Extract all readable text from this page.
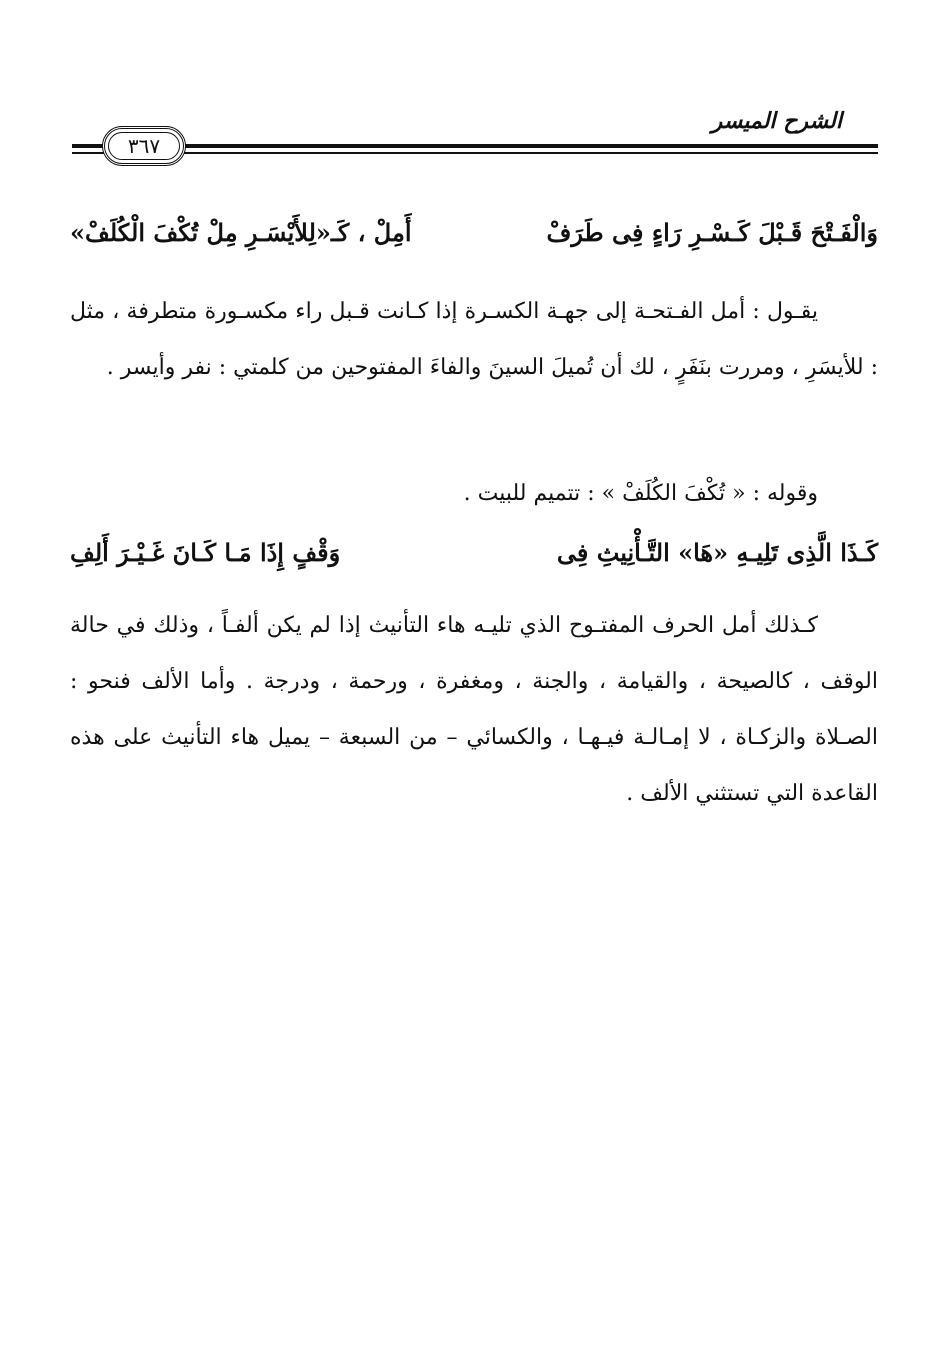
الشرح الميسر
٣٦٧
وَالْفَـتْحَ قَـبْلَ كَـسْـرِ رَاءٍ فِى طَرَفْ
أَمِلْ ، كَـ«لِلأَيْسَـرِ مِلْ تُكْفَ الْكُلَفْ»

يقـول : أمل الفـتحـة إلى جهـة الكسـرة إذا كـانت قـبل راء مكسـورة متطرفة ، مثل : للأيسَرِ ، ومررت بنَفَرٍ ، لك أن تُميلَ السينَ والفاءَ المفتوحين من كلمتي : نفر وأيسر .

وقوله : « تُكْفَ الكُلَفْ » : تتميم للبيت .

كَـذَا الَّذِى تَلِيـهِ «هَا» التَّـأْنِيثِ فِى
وَقْفٍ إِذَا مَـا كَـانَ غَـيْـرَ أَلِفِ

كـذلك أمل الحرف المفتـوح الذي تليـه هاء التأنيث إذا لم يكن ألفـاً ، وذلك في حالة الوقف ، كالصيحة ، والقيامة ، والجنة ، ومغفرة ، ورحمة ، ودرجة . وأما الألف فنحو : الصـلاة والزكـاة ، لا إمـالـة فيـهـا ، والكسائي – من السبعة – يميل هاء التأنيث على هذه القاعدة التي تستثني الألف .
